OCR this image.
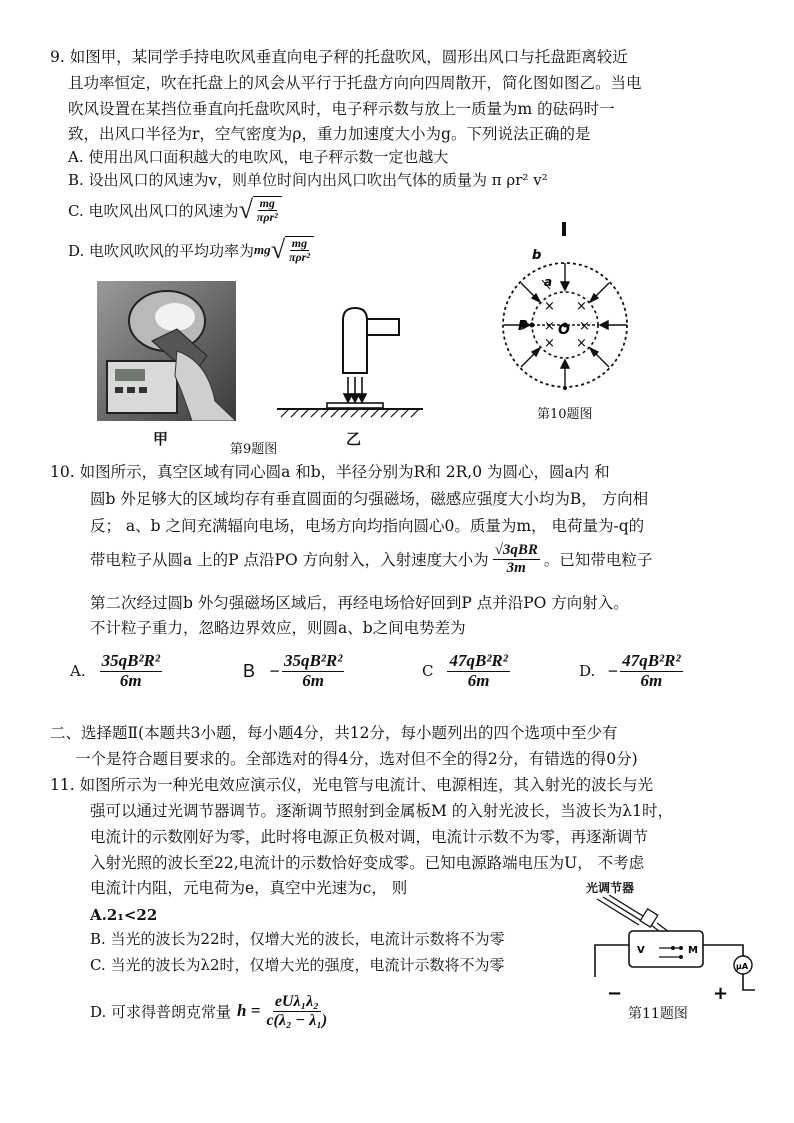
9. 如图甲，某同学手持电吹风垂直向电子秤的托盘吹风，圆形出风口与托盘距离较近
且功率恒定，吹在托盘上的风会从平行于托盘方向向四周散开，简化图如图乙。当电
吹风设置在某挡位垂直向托盘吹风时，电子秤示数与放上一质量为m 的砝码时一
致，出风口半径为r，空气密度为ρ，重力加速度大小为g。下列说法正确的是
A. 使用出风口面积越大的电吹风，电子秤示数一定也越大
B. 设出风口的风速为v，则单位时间内出风口吹出气体的质量为 π ρr² v²
C. 电吹风出风口的风速为 √ $\frac{mg}{\text{πρr²}}$
D. 电吹风吹风的平均功率为 mg √ $\frac{mg}{\text{πρr²}}$
甲	乙
第9题图
b
a
P O
× ×
× ×
× ×
第10题图
10. 如图所示，真空区域有同心圆a 和b，半径分别为R和 2R,0 为圆心，圆a内 和
圆b 外足够大的区域均存有垂直圆面的匀强磁场，磁感应强度大小均为B， 方向相
反； a、b 之间充满辐向电场，电场方向均指向圆心0。质量为m， 电荷量为-q的
带电粒子从圆a 上的P 点沿PO 方向射入，入射速度大小为 $\frac{\text{√3qBR}}{3m}$ 。已知带电粒子
第二次经过圆b 外匀强磁场区域后，再经电场恰好回到P 点并沿PO 方向射入。
不计粒子重力，忽略边界效应，则圆a、b之间电势差为
A. $\frac{\text{35qB²R²}}{6m}$	$B - \frac{\text{35qB²R²}}{6m}$	C $\frac{\text{47qB²R²}}{6m}$	D. − $\frac{\text{47qB²R²}}{6m}$
二、选择题Ⅱ(本题共3小题，每小题4分，共12分，每小题列出的四个选项中至少有
一个是符合题目要求的。全部选对的得4分，选对但不全的得2分，有错选的得0分)
11. 如图所示为一种光电效应演示仪，光电管与电流计、电源相连，其入射光的波长与光
强可以通过光调节器调节。逐渐调节照射到金属板M 的入射光波长，当波长为λ1时，
电流计的示数刚好为零，此时将电源正负极对调，电流计示数不为零，再逐渐调节
入射光照的波长至22,电流计的示数恰好变成零。已知电源路端电压为U， 不考虑
电流计内阻，元电荷为e，真空中光速为c， 则
A.2₁<22
B. 当光的波长为22时，仅增大光的波长，电流计示数将不为零
C. 当光的波长为λ2时，仅增大光的强度，电流计示数将不为零
D. 可求得普朗克常量 $h = \frac{\text{eUλ₁λ₂}}{\text{c(λ₂ − λ₁)}}$
光调节器
V	M
μA
−	+
第11题图
